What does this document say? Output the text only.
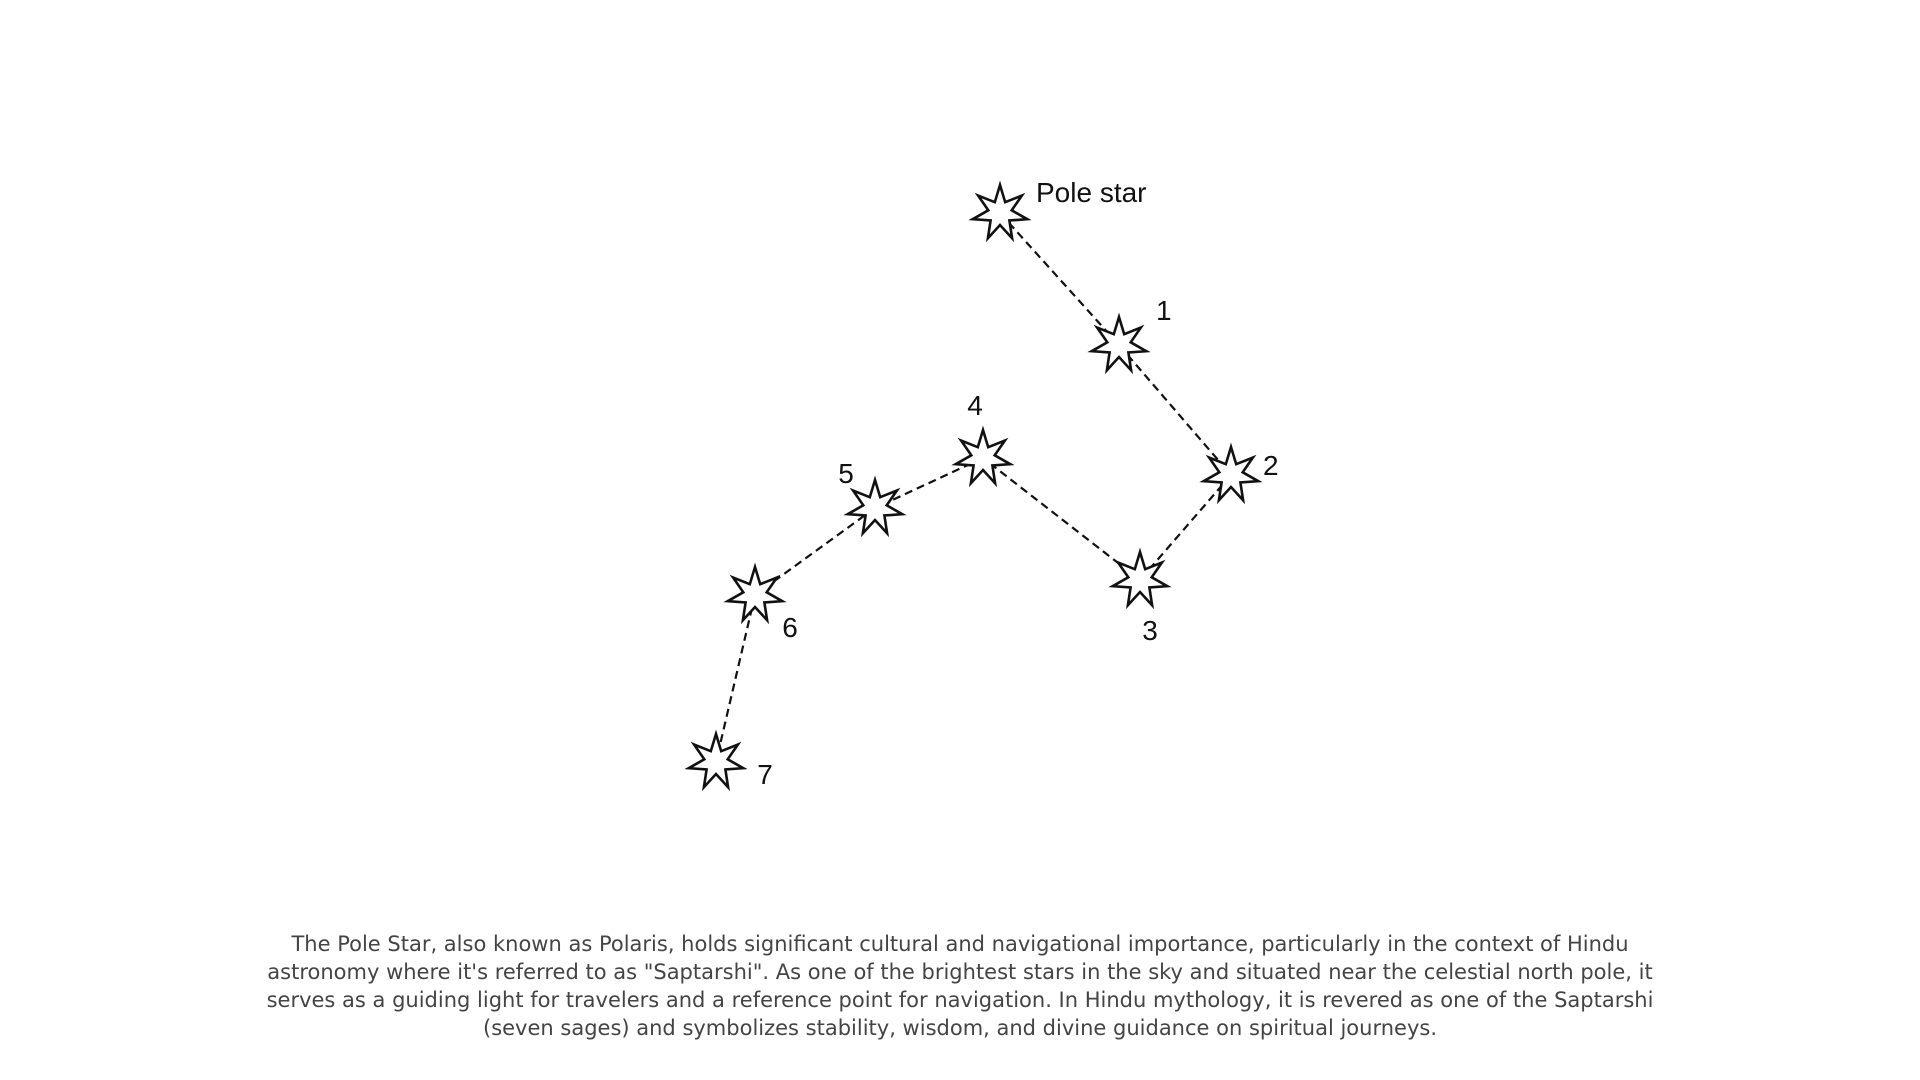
Pole star
1
2
3
4
5
6
7
The Pole Star, also known as Polaris, holds significant cultural and navigational importance, particularly in the context of Hindu astronomy where it's referred to as "Saptarshi". As one of the brightest stars in the sky and situated near the celestial north pole, it serves as a guiding light for travelers and a reference point for navigation. In Hindu mythology, it is revered as one of the Saptarshi (seven sages) and symbolizes stability, wisdom, and divine guidance on spiritual journeys.
